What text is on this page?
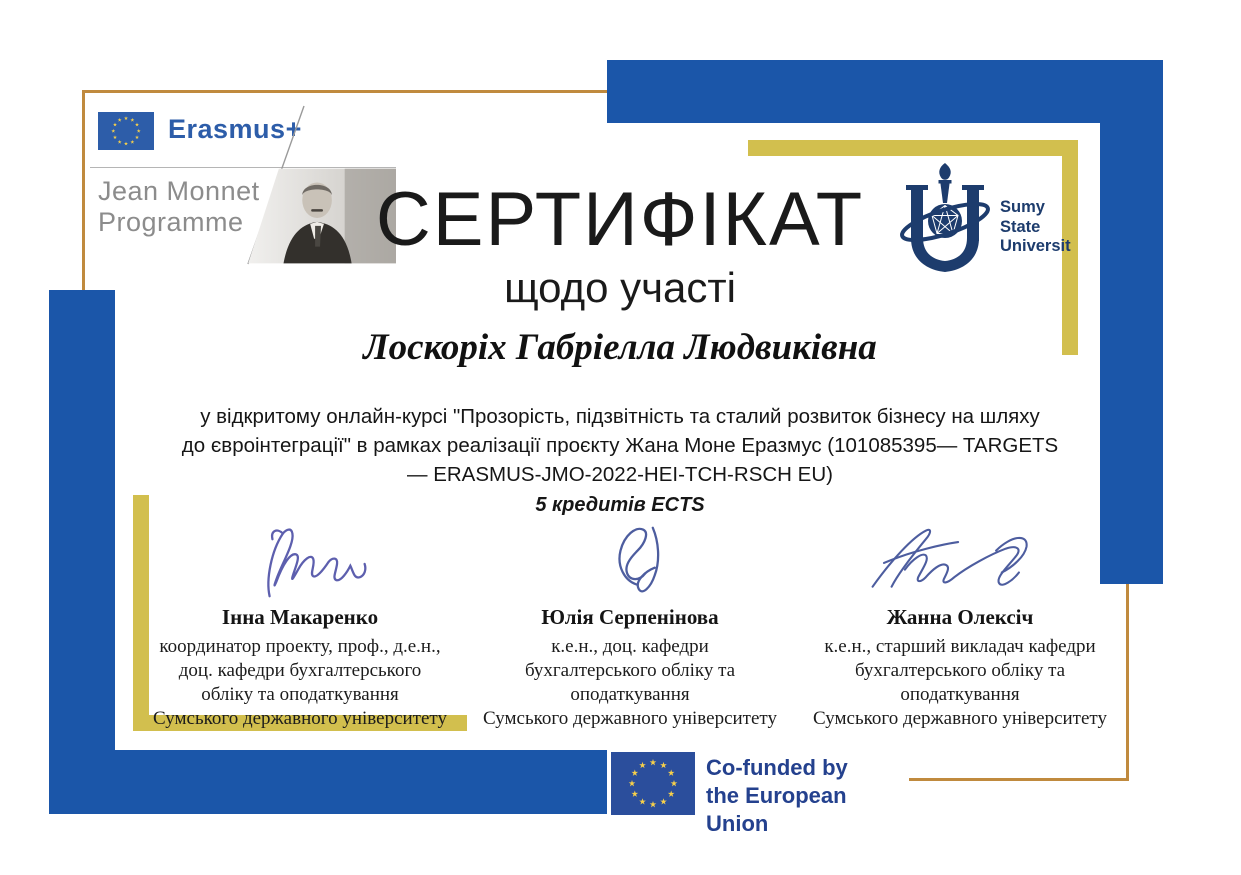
Erasmus+
Jean Monnet
Programme	СЕРТИФІКАТ
щодо участі
Лоскоріх Габріелла Людвиківна
у відкритому онлайн-курсі "Прозорість, підзвітність та сталий розвиток бізнесу на шляху
до євроінтеграції" в рамках реалізації проєкту Жана Моне Еразмус (101085395— TARGETS
— ERASMUS-JMO-2022-HEI-TCH-RSCH EU)
5 кредитів ECTS
Sumy
State
Universit
Інна Макаренко
координатор проекту, проф., д.е.н.,
доц. кафедри бухгалтерського
обліку та оподаткування
Сумського державного університету
Юлія Серпенінова
к.е.н., доц. кафедри
бухгалтерського обліку та
оподаткування
Сумського державного університету
Жанна Олексіч
к.е.н., старший викладач кафедри
бухгалтерського обліку та
оподаткування
Сумського державного університету
Co-funded by
the European Union
